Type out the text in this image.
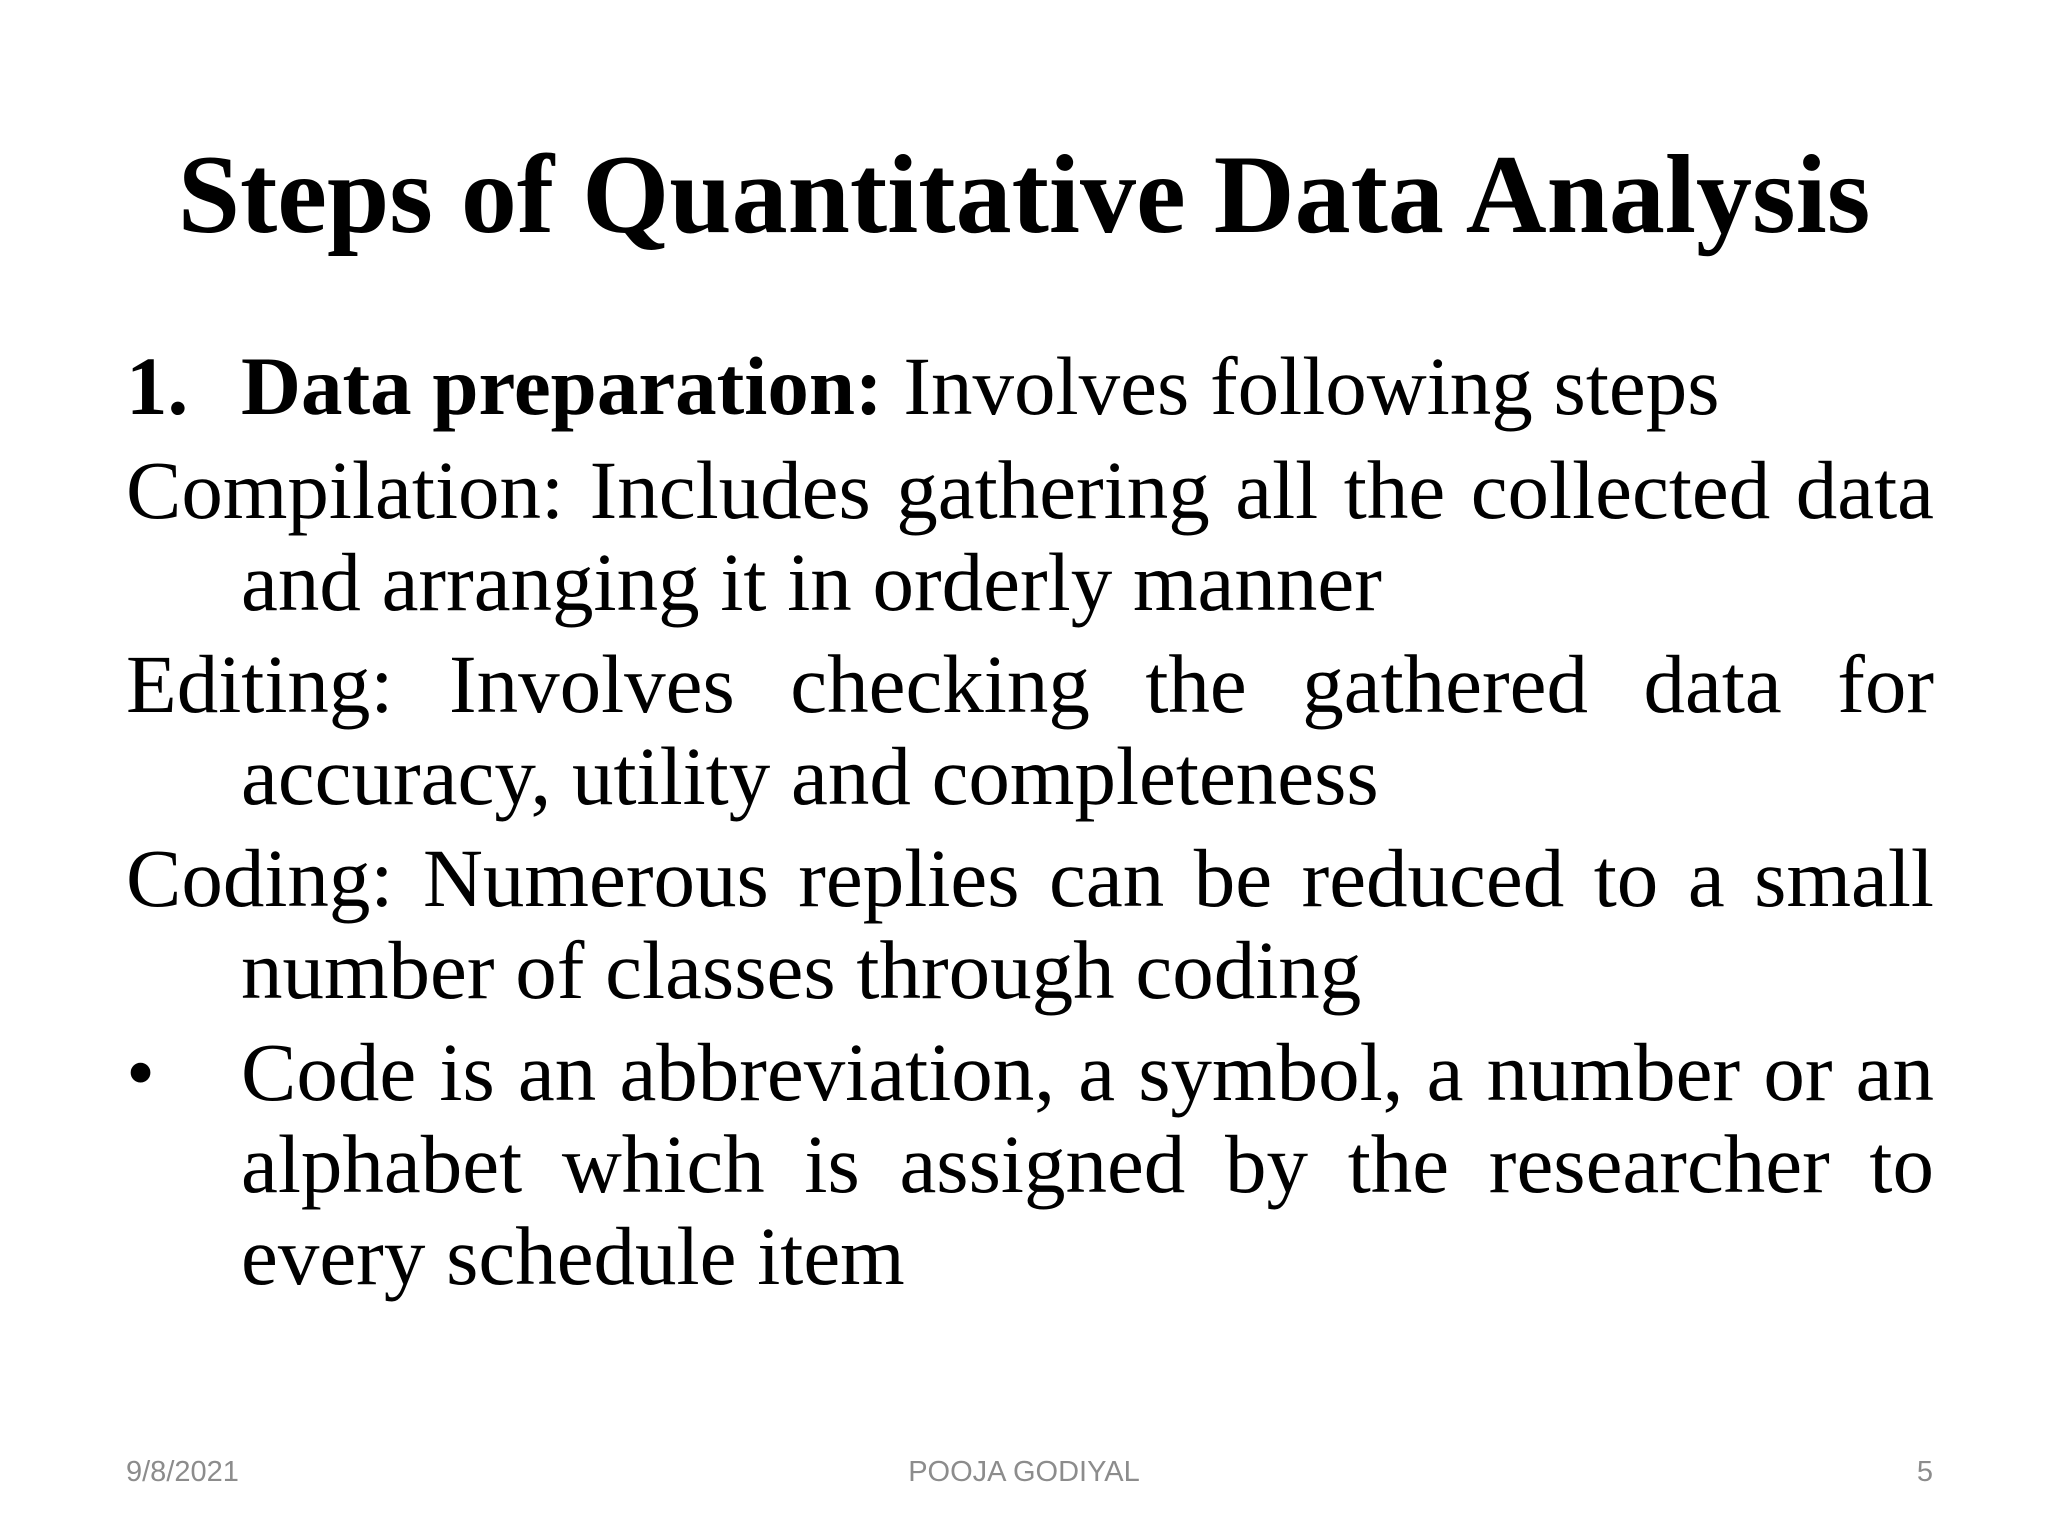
Steps of Quantitative Data Analysis

1. Data preparation: Involves following steps

Compilation: Includes gathering all the collected data and arranging it in orderly manner

Editing: Involves checking the gathered data for accuracy, utility and completeness

Coding: Numerous replies can be reduced to a small number of classes through coding

•	Code is an abbreviation, a symbol, a number or an alphabet which is assigned by the researcher to every schedule item

9/8/2021	POOJA GODIYAL	5
